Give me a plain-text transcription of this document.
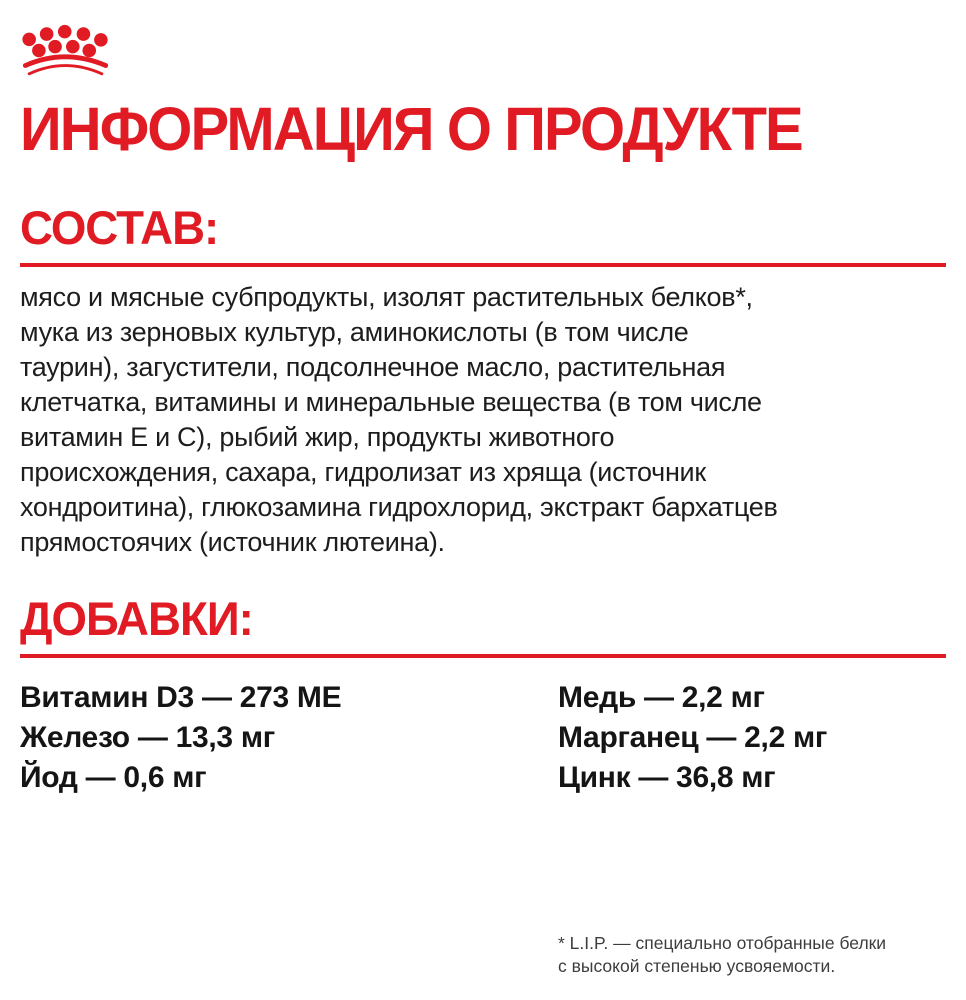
ИНФОРМАЦИЯ О ПРОДУКТЕ
СОСТАВ:
мясо и мясные субпродукты, изолят растительных белков*,
мука из зерновых культур, аминокислоты (в том числе
таурин), загустители, подсолнечное масло, растительная
клетчатка, витамины и минеральные вещества (в том числе
витамин Е и С), рыбий жир, продукты животного
происхождения, сахара, гидролизат из хряща (источник
хондроитина), глюкозамина гидрохлорид, экстракт бархатцев
прямостоячих (источник лютеина).
ДОБАВКИ:
Витамин D3 — 273 МЕ
Железо — 13,3 мг
Йод — 0,6 мг
Медь — 2,2 мг
Марганец — 2,2 мг
Цинк — 36,8 мг
* L.I.P. — специально отобранные белки
с высокой степенью усвояемости.
